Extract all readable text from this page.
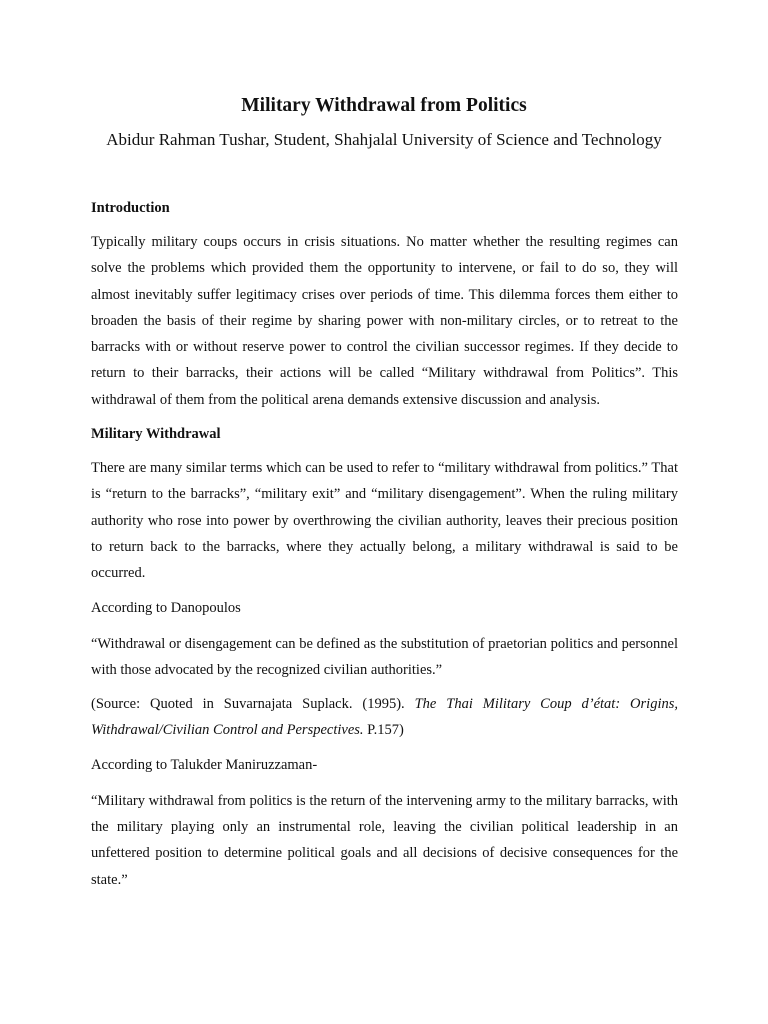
Military Withdrawal from Politics

Abidur Rahman Tushar, Student, Shahjalal University of Science and Technology

Introduction

Typically military coups occurs in crisis situations. No matter whether the resulting regimes can solve the problems which provided them the opportunity to intervene, or fail to do so, they will almost inevitably suffer legitimacy crises over periods of time. This dilemma forces them either to broaden the basis of their regime by sharing power with non-military circles, or to retreat to the barracks with or without reserve power to control the civilian successor regimes. If they decide to return to their barracks, their actions will be called “Military withdrawal from Politics”. This withdrawal of them from the political arena demands extensive discussion and analysis.

Military Withdrawal

There are many similar terms which can be used to refer to “military withdrawal from politics.” That is “return to the barracks”, “military exit” and “military disengagement”. When the ruling military authority who rose into power by overthrowing the civilian authority, leaves their precious position to return back to the barracks, where they actually belong, a military withdrawal is said to be occurred.

According to Danopoulos

“Withdrawal or disengagement can be defined as the substitution of praetorian politics and personnel with those advocated by the recognized civilian authorities.”

(Source: Quoted in Suvarnajata Suplack. (1995). The Thai Military Coup d’état: Origins, Withdrawal/Civilian Control and Perspectives. P.157)

According to Talukder Maniruzzaman-

“Military withdrawal from politics is the return of the intervening army to the military barracks, with the military playing only an instrumental role, leaving the civilian political leadership in an unfettered position to determine political goals and all decisions of decisive consequences for the state.”
